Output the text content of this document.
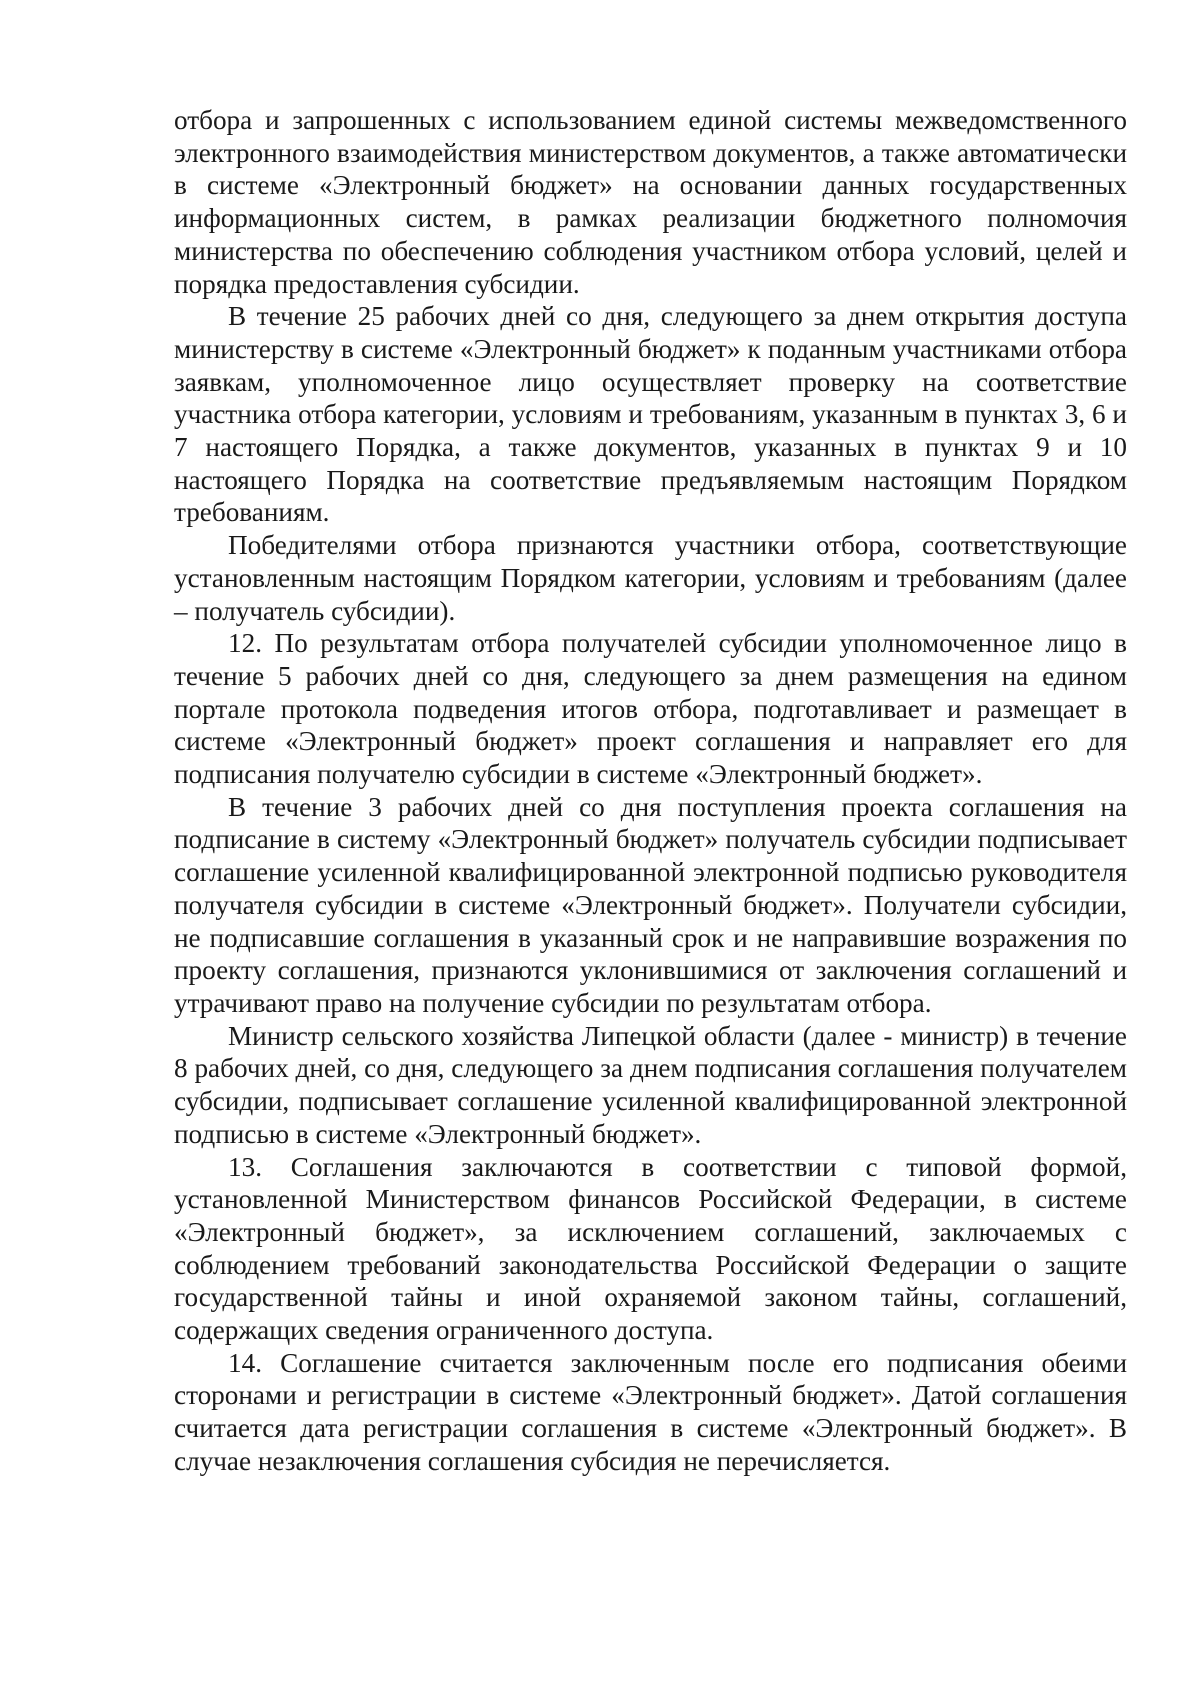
отбора и запрошенных с использованием единой системы межведомственного электронного взаимодействия министерством документов, а также автоматически в системе «Электронный бюджет» на основании данных государственных информационных систем, в рамках реализации бюджетного полномочия министерства по обеспечению соблюдения участником отбора условий, целей и порядка предоставления субсидии.

В течение 25 рабочих дней со дня, следующего за днем открытия доступа министерству в системе «Электронный бюджет» к поданным участниками отбора заявкам, уполномоченное лицо осуществляет проверку на соответствие участника отбора категории, условиям и требованиям, указанным в пунктах 3, 6 и 7 настоящего Порядка, а также документов, указанных в пунктах 9 и 10 настоящего Порядка на соответствие предъявляемым настоящим Порядком требованиям.

Победителями отбора признаются участники отбора, соответствующие установленным настоящим Порядком категории, условиям и требованиям (далее – получатель субсидии).

12. По результатам отбора получателей субсидии уполномоченное лицо в течение 5 рабочих дней со дня, следующего за днем размещения на едином портале протокола подведения итогов отбора, подготавливает и размещает в системе «Электронный бюджет» проект соглашения и направляет его для подписания получателю субсидии в системе «Электронный бюджет».

В течение 3 рабочих дней со дня поступления проекта соглашения на подписание в систему «Электронный бюджет» получатель субсидии подписывает соглашение усиленной квалифицированной электронной подписью руководителя получателя субсидии в системе «Электронный бюджет». Получатели субсидии, не подписавшие соглашения в указанный срок и не направившие возражения по проекту соглашения, признаются уклонившимися от заключения соглашений и утрачивают право на получение субсидии по результатам отбора.

Министр сельского хозяйства Липецкой области (далее - министр) в течение 8 рабочих дней, со дня, следующего за днем подписания соглашения получателем субсидии, подписывает соглашение усиленной квалифицированной электронной подписью в системе «Электронный бюджет».

13. Соглашения заключаются в соответствии с типовой формой, установленной Министерством финансов Российской Федерации, в системе «Электронный бюджет», за исключением соглашений, заключаемых с соблюдением требований законодательства Российской Федерации о защите государственной тайны и иной охраняемой законом тайны, соглашений, содержащих сведения ограниченного доступа.

14. Соглашение считается заключенным после его подписания обеими сторонами и регистрации в системе «Электронный бюджет». Датой соглашения считается дата регистрации соглашения в системе «Электронный бюджет». В случае незаключения соглашения субсидия не перечисляется.
